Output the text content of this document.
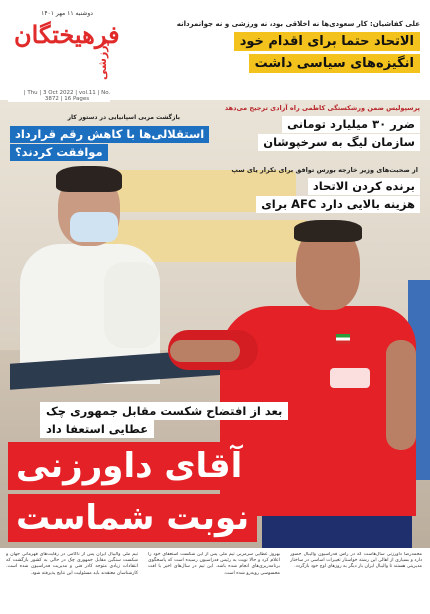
دوشنبه ۱۱ مهر ۱۴۰۱
فرهیختگان
| Thu | 3 Oct 2022 | vol.11 | No. 3872 | 16 Pages
ورزشی
علی کفاشیان: کار سعودی‌ها نه اخلاقی بود، نه ورزشی و نه جوانمردانه
الاتحاد حتما برای اقدام خود
انگیزه‌های سیاسی داشت
پرسپولیس ضمن ورشکستگی کاظمی راه آزادی ترجیح می‌دهد
ضرر ۳۰ میلیارد تومانی
سازمان لیگ به سرخپوشان
از صحبت‌های وزیر خارجه بورس توافق برای تکرار یای سپ
برنده کردن الاتحاد
برای AFC هزینه بالایی دارد
بازگشت مربی اسپانیایی در دستور کار
استقلالی‌ها با کاهش رقم قرارداد
موافقت کرد‌ند؟
بعد از افتضاح شکست مقابل جمهوری چک
عطایی استعفا داد
آقای داورزنی
نوبت شماست
تیم ملی والیبال ایران پس از ناکامی در رقابت‌های قهرمانی جهان و شکست سنگین مقابل جمهوری چک در حالی به کشور بازگشت که انتقادات زیادی متوجه کادر فنی و مدیریت فدراسیون شده است. کارشناسان معتقدند باید مسئولیت این نتایج پذیرفته شود.
بهروز عطایی سرمربی تیم ملی پس از این شکست استعفای خود را اعلام کرد و حالا نوبت به رئیس فدراسیون رسیده است که پاسخگوی برنامه‌ریزی‌های انجام شده باشد. این تیم در سال‌های اخیر با افت محسوسی روبه‌رو شده است.
محمدرضا داورزنی سال‌هاست که در راس فدراسیون والیبال حضور دارد و بسیاری از اهالی این رشته خواستار تغییرات اساسی در ساختار مدیریتی هستند تا والیبال ایران بار دیگر به روزهای اوج خود بازگردد.
